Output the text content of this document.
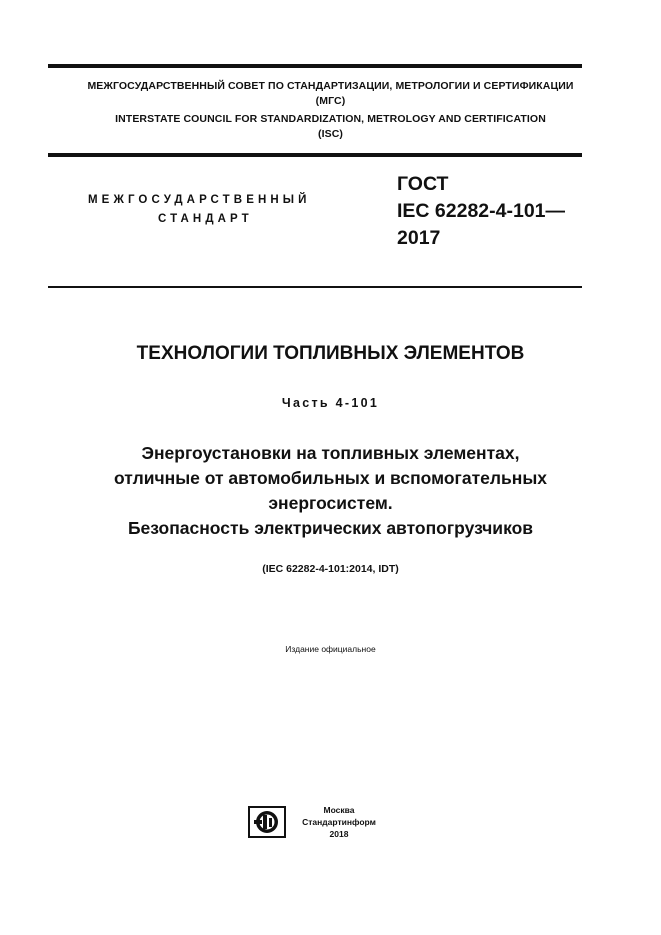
МЕЖГОСУДАРСТВЕННЫЙ СОВЕТ ПО СТАНДАРТИЗАЦИИ, МЕТРОЛОГИИ И СЕРТИФИКАЦИИ
(МГС)
INTERSTATE COUNCIL FOR STANDARDIZATION, METROLOGY AND CERTIFICATION
(ISC)
МЕЖГОСУДАРСТВЕННЫЙ
СТАНДАРТ
ГОСТ
IEC 62282-4-101—
2017
ТЕХНОЛОГИИ ТОПЛИВНЫХ ЭЛЕМЕНТОВ
Часть 4-101
Энергоустановки на топливных элементах,
отличные от автомобильных и вспомогательных
энергосистем.
Безопасность электрических автопогрузчиков
(IEC 62282-4-101:2014, IDT)
Издание официальное
Москва
Стандартинформ
2018
